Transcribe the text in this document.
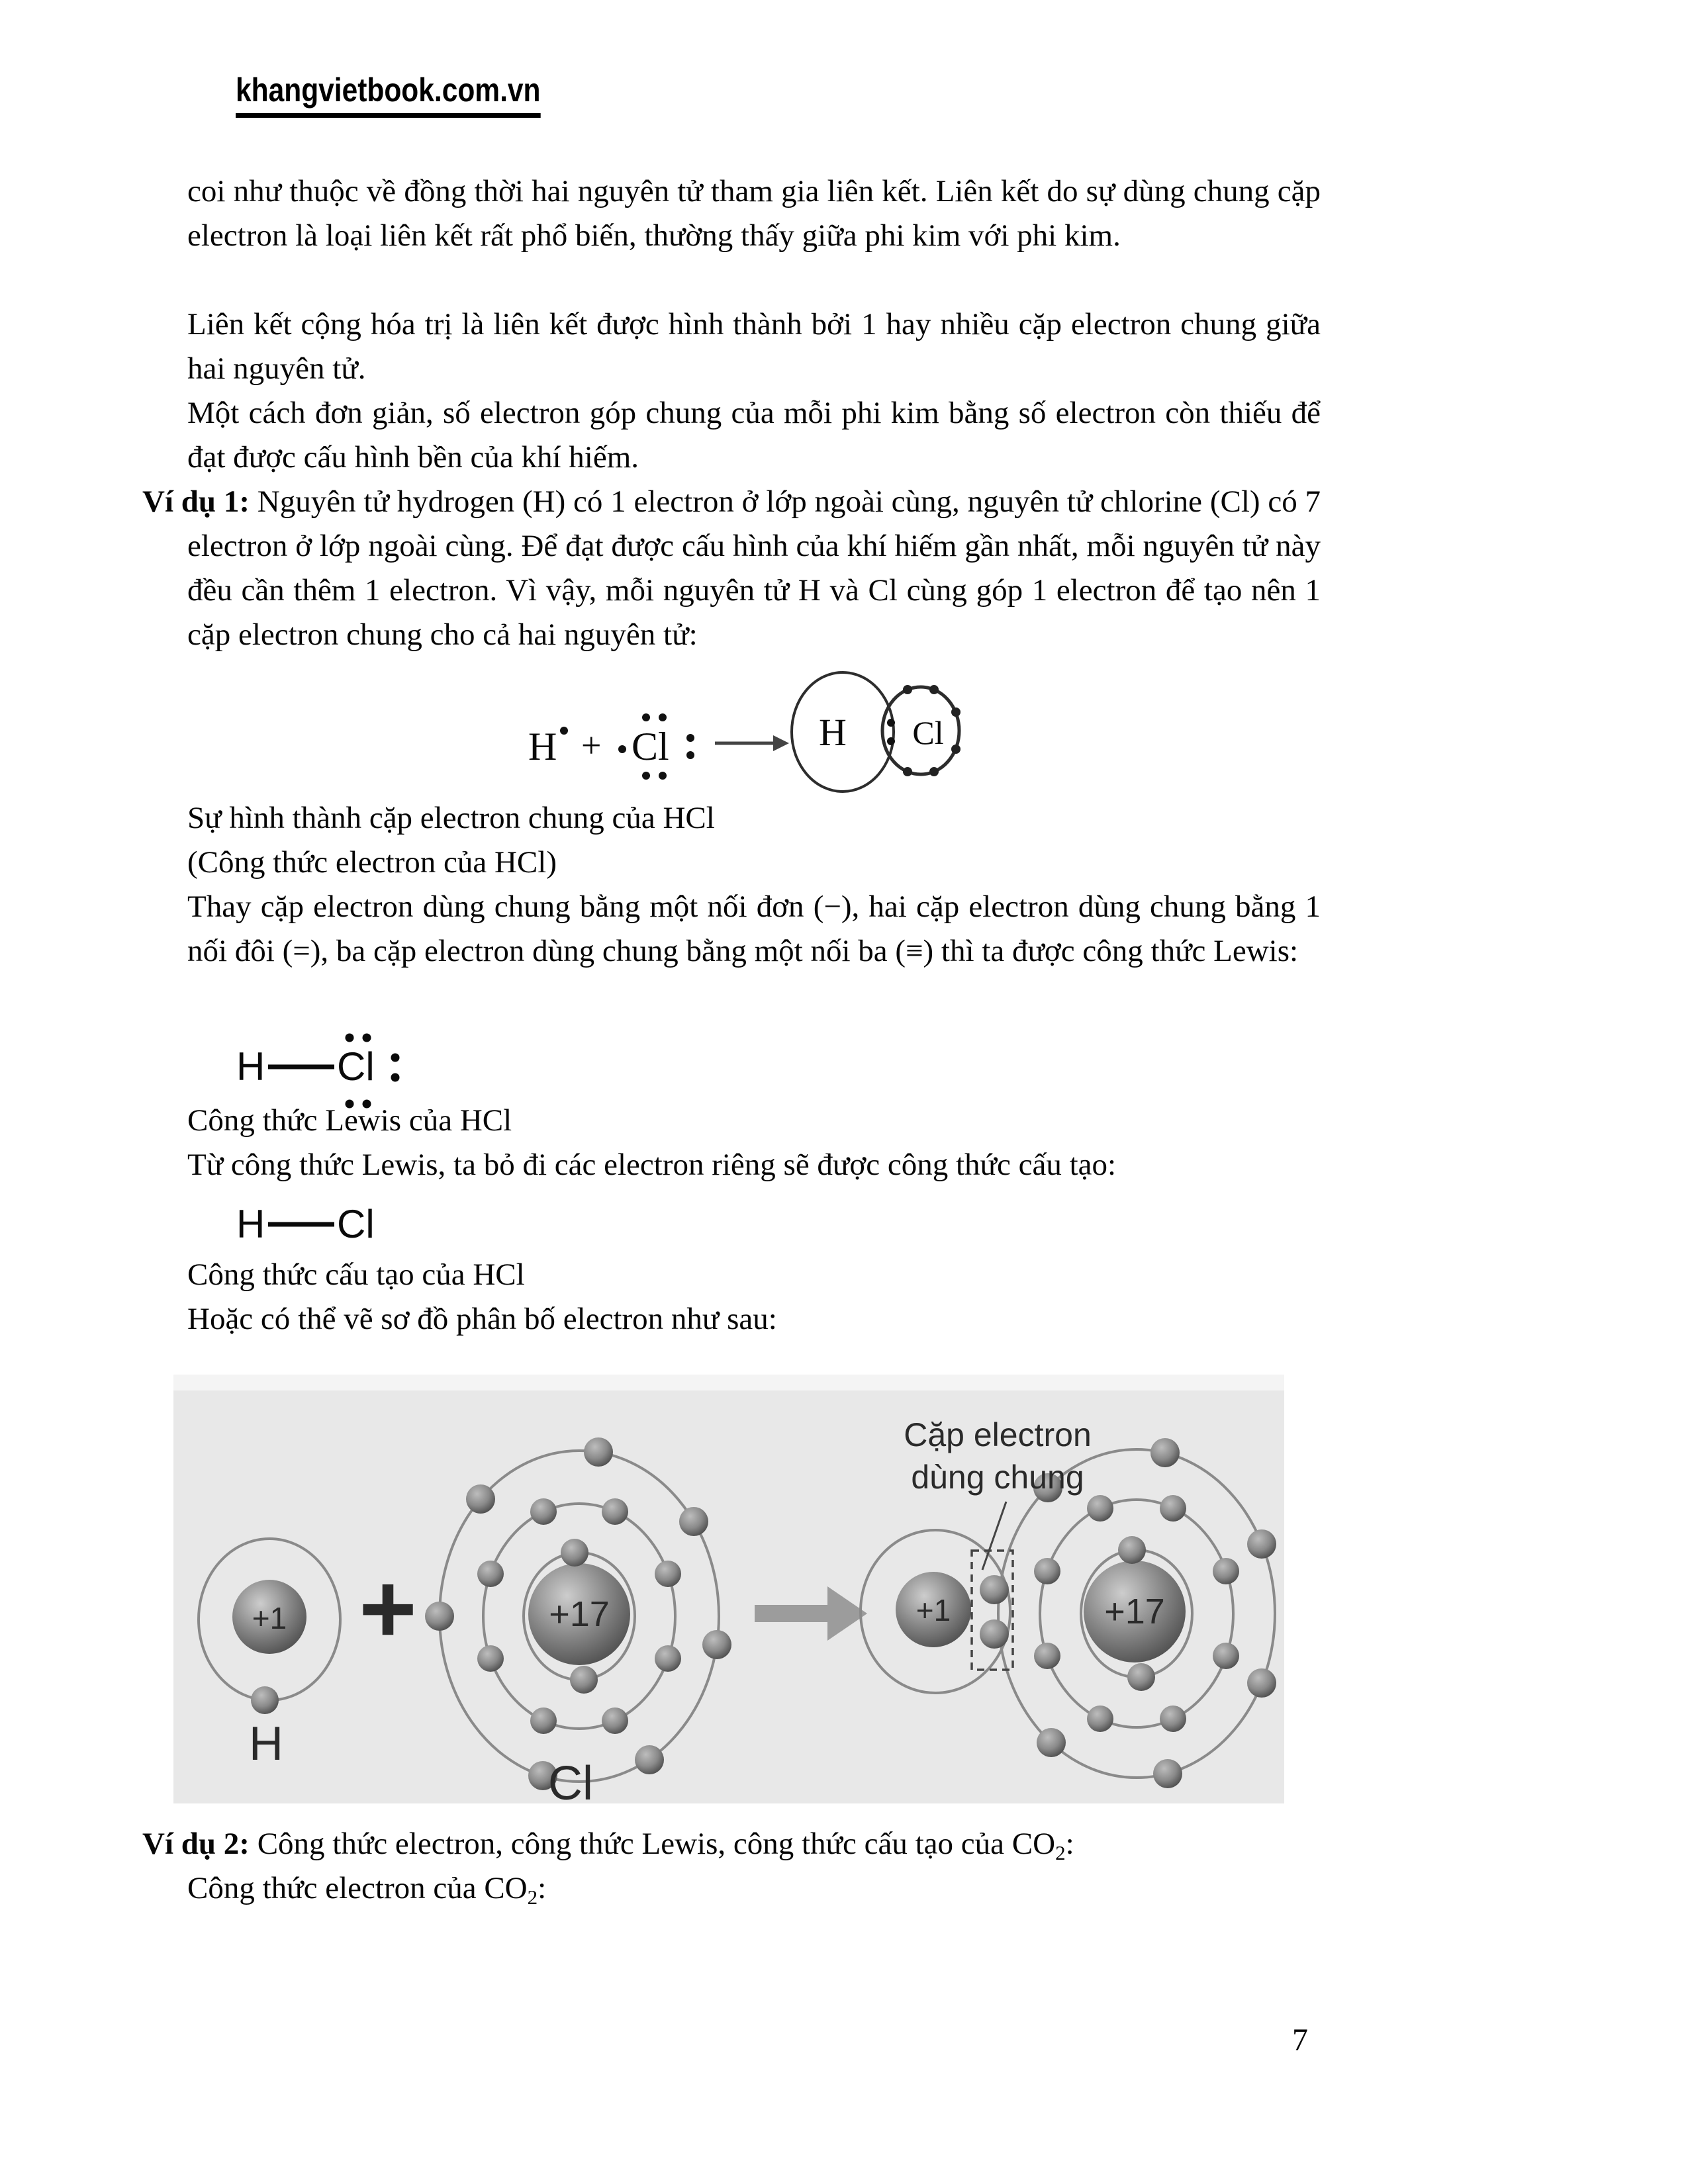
khangvietbook.com.vn

coi như thuộc về đồng thời hai nguyên tử tham gia liên kết. Liên kết do sự dùng chung cặp electron là loại liên kết rất phổ biến, thường thấy giữa phi kim với phi kim.

Liên kết cộng hóa trị là liên kết được hình thành bởi 1 hay nhiều cặp electron chung giữa hai nguyên tử.

Một cách đơn giản, số electron góp chung của mỗi phi kim bằng số electron còn thiếu để đạt được cấu hình bền của khí hiếm.

Ví dụ 1: Nguyên tử hydrogen (H) có 1 electron ở lớp ngoài cùng, nguyên tử chlorine (Cl) có 7 electron ở lớp ngoài cùng. Để đạt được cấu hình của khí hiếm gần nhất, mỗi nguyên tử này đều cần thêm 1 electron. Vì vậy, mỗi nguyên tử H và Cl cùng góp 1 electron để tạo nên 1 cặp electron chung cho cả hai nguyên tử:

H + Cl	H Cl

Sự hình thành cặp electron chung của HCl

(Công thức electron của HCl)

Thay cặp electron dùng chung bằng một nối đơn (−), hai cặp electron dùng chung bằng 1 nối đôi (=), ba cặp electron dùng chung bằng một nối ba (≡) thì ta được công thức Lewis:

H Cl

Công thức Lewis của HCl

Từ công thức Lewis, ta bỏ đi các electron riêng sẽ được công thức cấu tạo:

H Cl

Công thức cấu tạo của HCl

Hoặc có thể vẽ sơ đồ phân bố electron như sau:

+1
H
+	+17
Cl
+1	+17
Cặp electron
dùng chung

Ví dụ 2: Công thức electron, công thức Lewis, công thức cấu tạo của $CO_2$:

Công thức electron của $CO_2$:

7
